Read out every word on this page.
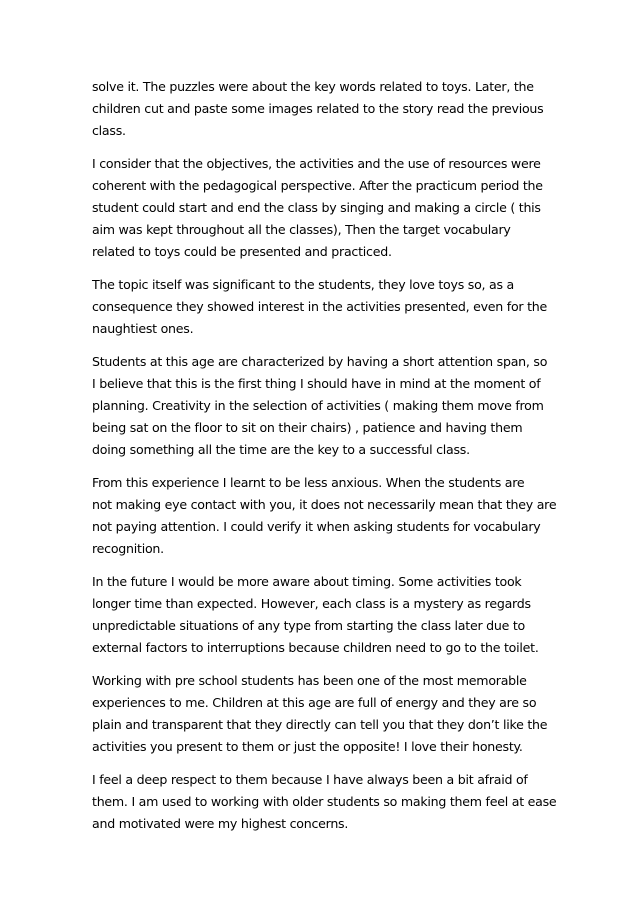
solve it. The puzzles were about the key words related to toys. Later, the
children cut and paste some images related to the story read the previous
class.

I consider that the objectives, the activities and the use of resources were
coherent with the pedagogical perspective. After the practicum period the
student could start and end the class by singing and making a circle ( this
aim was kept throughout all the classes), Then the target vocabulary
related to toys could be presented and practiced.

The topic itself was significant to the students, they love toys so, as a
consequence they showed interest in the activities presented, even for the
naughtiest ones.

Students at this age are characterized by having a short attention span, so
I believe that this is the first thing I should have in mind at the moment of
planning. Creativity in the selection of activities ( making them move from
being sat on the floor to sit on their chairs) , patience and having them
doing something all the time are the key to a successful class.

From this experience I learnt to be less anxious. When the students are
not making eye contact with you, it does not necessarily mean that they are
not paying attention. I could verify it when asking students for vocabulary
recognition.

In the future I would be more aware about timing. Some activities took
longer time than expected. However, each class is a mystery as regards
unpredictable situations of any type from starting the class later due to
external factors to interruptions because children need to go to the toilet.

Working with pre school students has been one of the most memorable
experiences to me. Children at this age are full of energy and they are so
plain and transparent that they directly can tell you that they don’t like the
activities you present to them or just the opposite! I love their honesty.

I feel a deep respect to them because I have always been a bit afraid of
them. I am used to working with older students so making them feel at ease
and motivated were my highest concerns.
